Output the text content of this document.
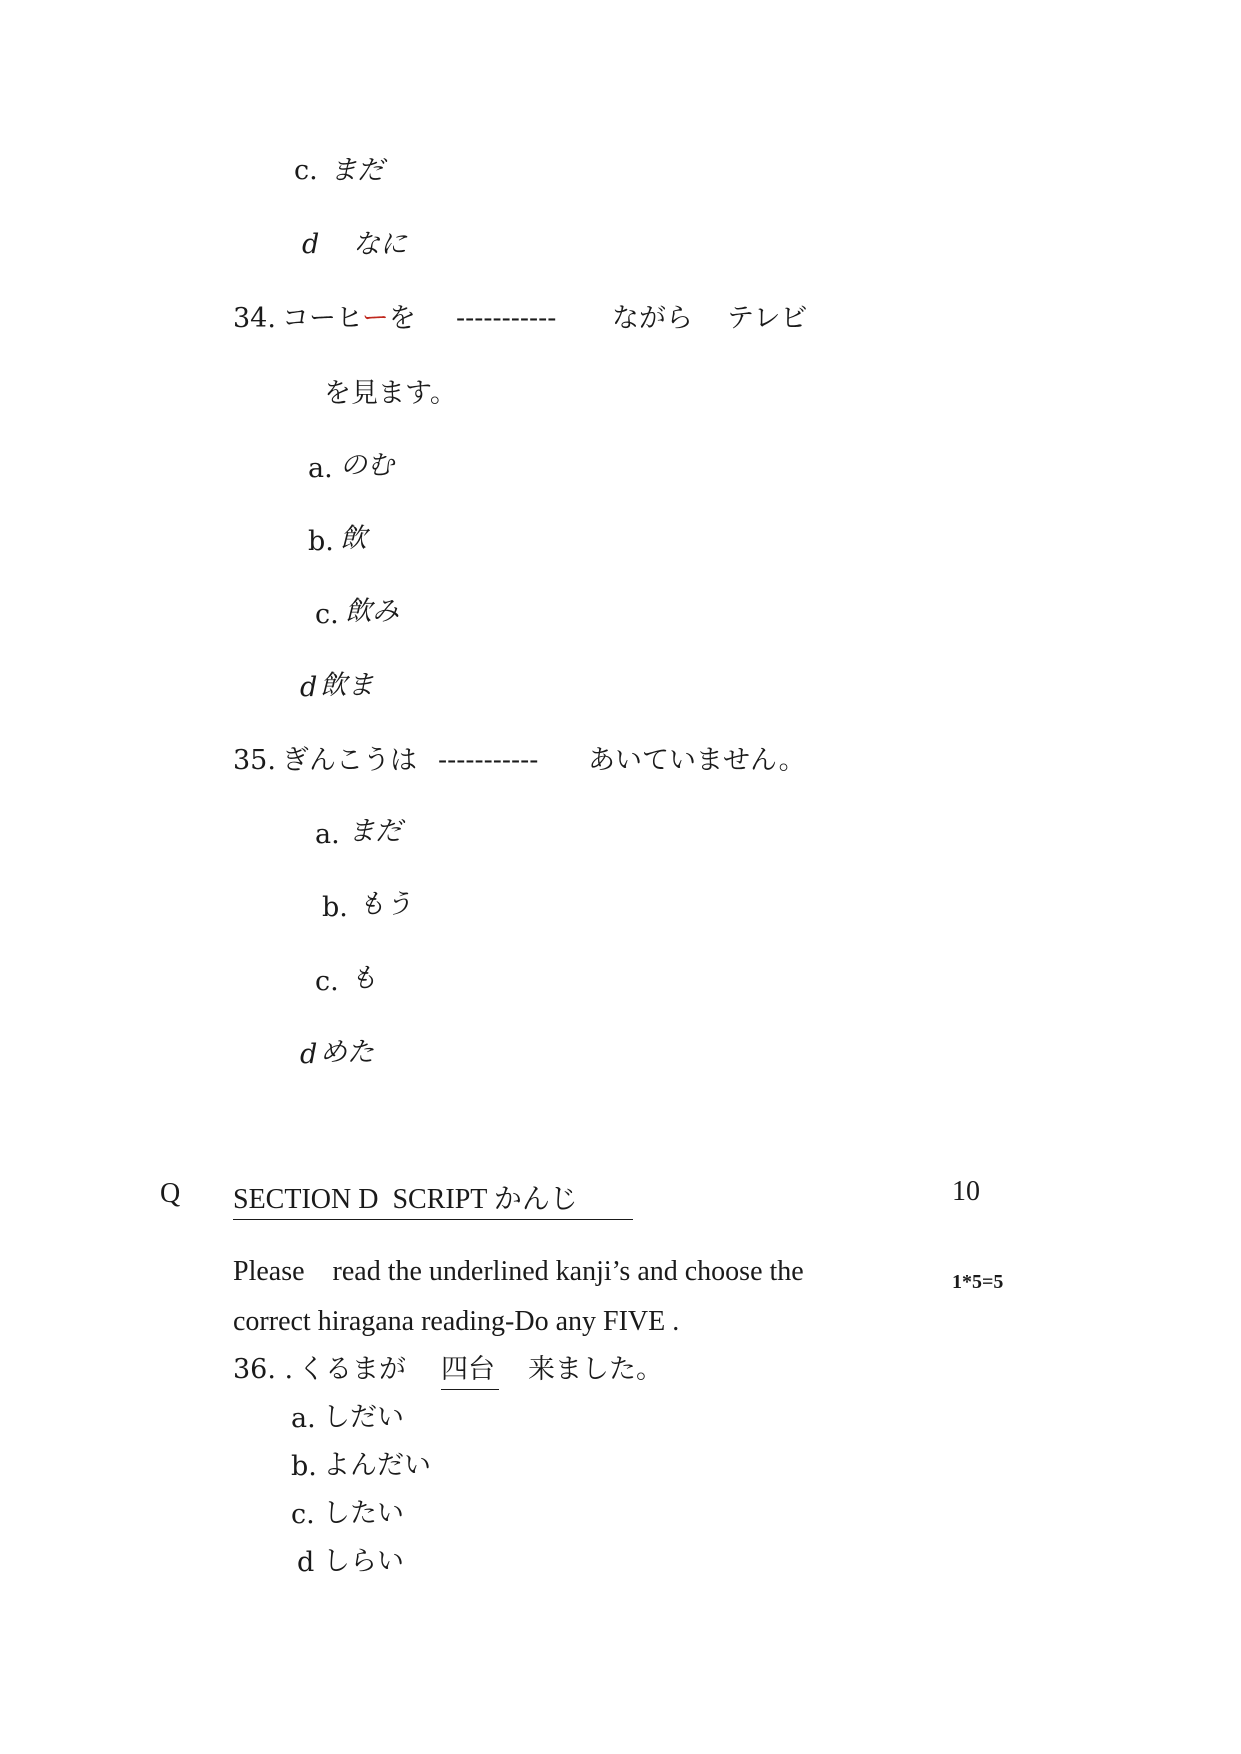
c. まだ
d なに
34. コーヒーを ----------- ながら テレビ
を見ます。
a. のむ
b. 飲
c. 飲み
d 飲ま
35. ぎんこうは ----------- あいていません。
a. まだ
b. もう
c. も
d めた
Q SECTION D  SCRIPT かんじ	10
Please    read the underlined kanji’s and choose the	1*5=5
correct hiragana reading-Do any FIVE .
36. . くるまが 四台 来ました。
a. しだい
b. よんだい
c. したい
d しらい
